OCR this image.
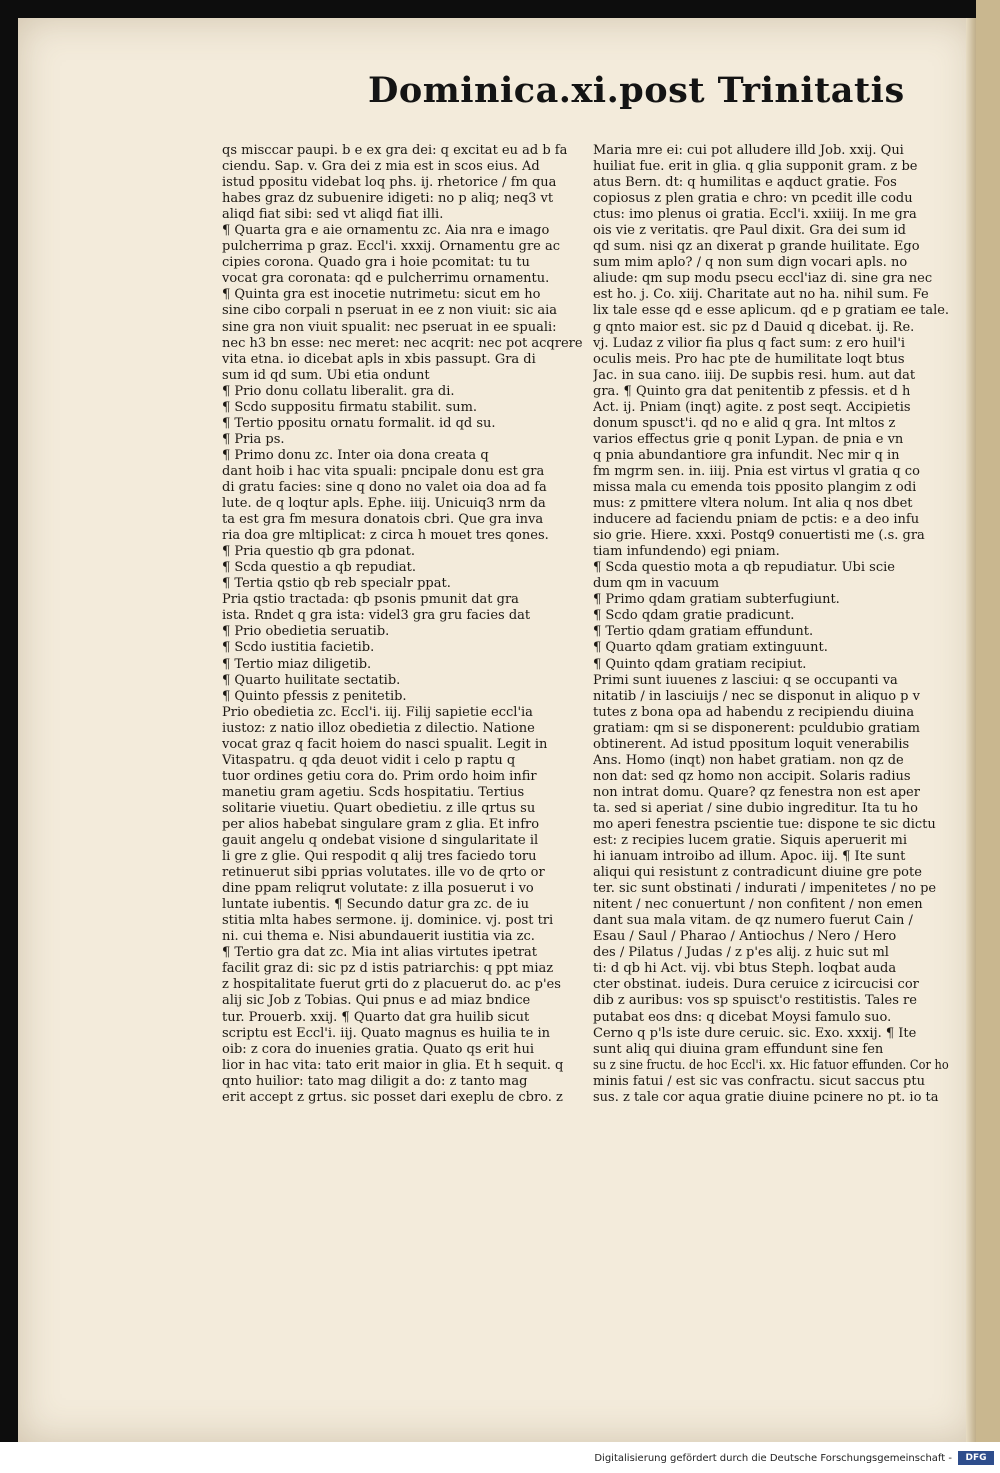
Dominica.xi.post Trinitatis
qs misccar paupi. b e ex gra dei: q excitat eu ad b fa
ciendu. Sap. v. Gra dei z mia est in scos eius. Ad
istud ppositu videbat loq phs. ij. rhetorice / fm qua
habes graz dz subuenire idigeti: no p aliq; neq3 vt
aliqd fiat sibi: sed vt aliqd fiat illi.
¶ Quarta gra e aie ornamentu zc. Aia nra e imago
pulcherrima p graz. Eccl'i. xxxij. Ornamentu gre ac
cipies corona. Quado gra i hoie pcomitat: tu tu
vocat gra coronata: qd e pulcherrimu ornamentu.
¶ Quinta gra est inocetie nutrimetu: sicut em ho
sine cibo corpali n pseruat in ee z non viuit: sic aia
sine gra non viuit spualit: nec pseruat in ee spuali:
nec h3 bn esse: nec meret: nec acqrit: nec pot acqrere
vita etna. io dicebat apls in xbis passupt. Gra di
sum id qd sum. Ubi etia ondunt
¶ Prio donu collatu liberalit. gra di.
¶ Scdo suppositu firmatu stabilit. sum.
¶ Tertio ppositu ornatu formalit. id qd su.
¶ Pria ps.
¶ Primo donu zc. Inter oia dona creata q
dant hoib i hac vita spuali: pncipale donu est gra
di gratu facies: sine q dono no valet oia doa ad fa
lute. de q loqtur apls. Ephe. iiij. Unicuiq3 nrm da
ta est gra fm mesura donatois cbri. Que gra inva
ria doa gre mltiplicat: z circa h mouet tres qones.
¶ Pria questio qb gra pdonat.
¶ Scda questio a qb repudiat.
¶ Tertia qstio qb reb specialr ppat.
Pria qstio tractada: qb psonis pmunit dat gra
ista. Rndet q gra ista: videl3 gra gru facies dat
¶ Prio obedietia seruatib.
¶ Scdo iustitia facietib.
¶ Tertio miaz diligetib.
¶ Quarto huilitate sectatib.
¶ Quinto pfessis z penitetib.
Prio obedietia zc. Eccl'i. iij. Filij sapietie eccl'ia
iustoz: z natio illoz obedietia z dilectio. Natione
vocat graz q facit hoiem do nasci spualit. Legit in
Vitaspatru. q qda deuot vidit i celo p raptu q
tuor ordines getiu cora do. Prim ordo hoim infir
manetiu gram agetiu. Scds hospitatiu. Tertius
solitarie viuetiu. Quart obedietiu. z ille qrtus su
per alios habebat singulare gram z glia. Et infro
gauit angelu q ondebat visione d singularitate il
li gre z glie. Qui respodit q alij tres faciedo toru
retinuerut sibi pprias volutates. ille vo de qrto or
dine ppam reliqrut volutate: z illa posuerut i vo
luntate iubentis. ¶ Secundo datur gra zc. de iu
stitia mlta habes sermone. ij. dominice. vj. post tri
ni. cui thema e. Nisi abundauerit iustitia via zc.
¶ Tertio gra dat zc. Mia int alias virtutes ipetrat
facilit graz di: sic pz d istis patriarchis: q ppt miaz
z hospitalitate fuerut grti do z placuerut do. ac p'es
alij sic Job z Tobias. Qui pnus e ad miaz bndice
tur. Prouerb. xxij. ¶ Quarto dat gra huilib sicut
scriptu est Eccl'i. iij. Quato magnus es huilia te in
oib: z cora do inuenies gratia. Quato qs erit hui
lior in hac vita: tato erit maior in glia. Et h sequit. q
qnto huilior: tato mag diligit a do: z tanto mag
erit accept z grtus. sic posset dari exeplu de cbro. z
Maria mre ei: cui pot alludere illd Job. xxij. Qui
huiliat fue. erit in glia. q glia supponit gram. z be
atus Bern. dt: q humilitas e aqduct gratie. Fos
copiosus z plen gratia e chro: vn pcedit ille codu
ctus: imo plenus oi gratia. Eccl'i. xxiiij. In me gra
ois vie z veritatis. qre Paul dixit. Gra dei sum id
qd sum. nisi qz an dixerat p grande huilitate. Ego
sum mim aplo? / q non sum dign vocari apls. no
aliude: qm sup modu psecu eccl'iaz di. sine gra nec
est ho. j. Co. xiij. Charitate aut no ha. nihil sum. Fe
lix tale esse qd e esse aplicum. qd e p gratiam ee tale.
g qnto maior est. sic pz d Dauid q dicebat. ij. Re.
vj. Ludaz z vilior fia plus q fact sum: z ero huil'i
oculis meis. Pro hac pte de humilitate loqt btus
Jac. in sua cano. iiij. De supbis resi. hum. aut dat
gra. ¶ Quinto gra dat penitentib z pfessis. et d h
Act. ij. Pniam (inqt) agite. z post seqt. Accipietis
donum spusct'i. qd no e alid q gra. Int mltos z
varios effectus grie q ponit Lypan. de pnia e vn
q pnia abundantiore gra infundit. Nec mir q in
fm mgrm sen. in. iiij. Pnia est virtus vl gratia q co
missa mala cu emenda tois pposito plangim z odi
mus: z pmittere vltera nolum. Int alia q nos dbet
inducere ad faciendu pniam de pctis: e a deo infu
sio grie. Hiere. xxxi. Postq9 conuertisti me (.s. gra
tiam infundendo) egi pniam.
¶ Scda questio mota a qb repudiatur. Ubi scie
dum qm in vacuum
¶ Primo qdam gratiam subterfugiunt.
¶ Scdo qdam gratie pradicunt.
¶ Tertio qdam gratiam effundunt.
¶ Quarto qdam gratiam extinguunt.
¶ Quinto qdam gratiam recipiut.
Primi sunt iuuenes z lasciui: q se occupanti va
nitatib / in lasciuijs / nec se disponut in aliquo p v
tutes z bona opa ad habendu z recipiendu diuina
gratiam: qm si se disponerent: pculdubio gratiam
obtinerent. Ad istud ppositum loquit venerabilis
Ans. Homo (inqt) non habet gratiam. non qz de
non dat: sed qz homo non accipit. Solaris radius
non intrat domu. Quare? qz fenestra non est aper
ta. sed si aperiat / sine dubio ingreditur. Ita tu ho
mo aperi fenestra pscientie tue: dispone te sic dictu
est: z recipies lucem gratie. Siquis aperuerit mi
hi ianuam introibo ad illum. Apoc. iij. ¶ Ite sunt
aliqui qui resistunt z contradicunt diuine gre pote
ter. sic sunt obstinati / indurati / impenitetes / no pe
nitent / nec conuertunt / non confitent / non emen
dant sua mala vitam. de qz numero fuerut Cain /
Esau / Saul / Pharao / Antiochus / Nero / Hero
des / Pilatus / Judas / z p'es alij. z huic sut ml
ti: d qb hi Act. vij. vbi btus Steph. loqbat auda
cter obstinat. iudeis. Dura ceruice z icircucisi cor
dib z auribus: vos sp spuisct'o restitistis. Tales re
putabat eos dns: q dicebat Moysi famulo suo.
Cerno q p'ls iste dure ceruic. sic. Exo. xxxij. ¶ Ite
sunt aliq qui diuina gram effundunt sine fen
su z sine fructu. de hoc Eccl'i. xx. Hic fatuor effunden. Cor ho
minis fatui / est sic vas confractu. sicut saccus ptu
sus. z tale cor aqua gratie diuine pcinere no pt. io ta
Digitalisierung gefördert durch die Deutsche Forschungsgemeinschaft -	DFG
